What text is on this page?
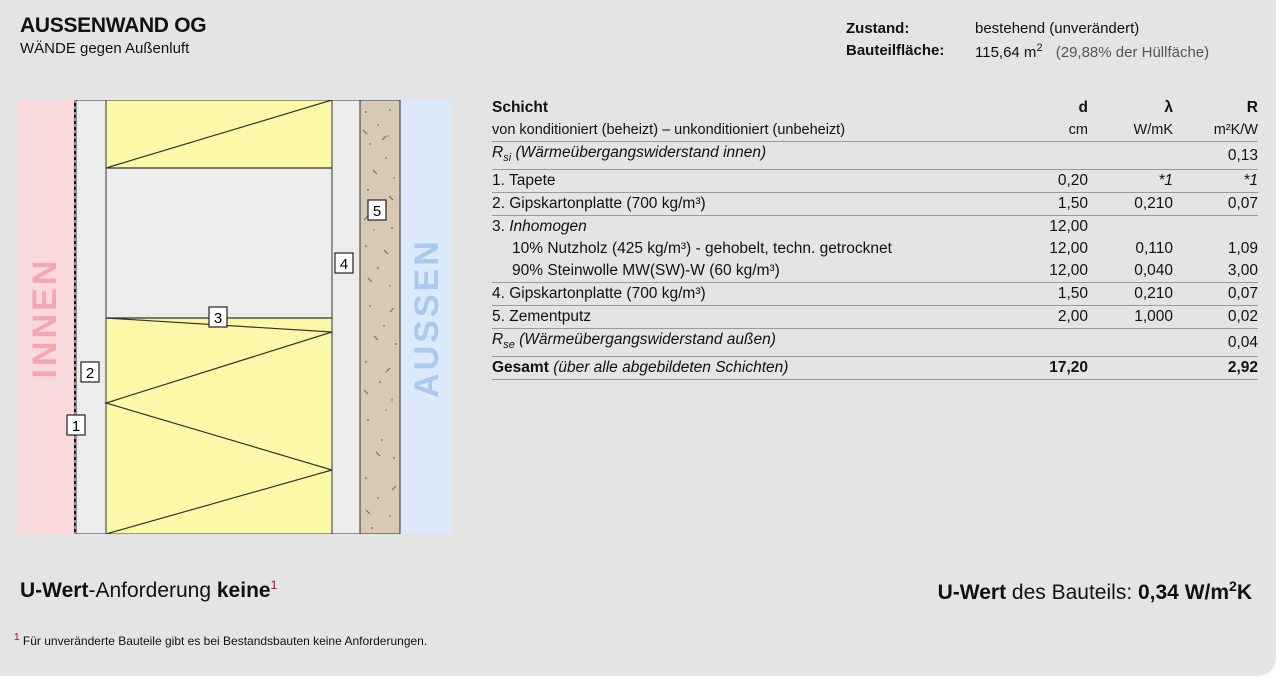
AUSSENWAND OG
WÄNDE gegen Außenluft
Zustand:	bestehend (unverändert)
Bauteilfläche: 115,64 $m^2$ (29,88% der Hüllfäche)
INNEN	AUSSEN
1
2
3
4
5
Schicht	d	λ	R
von konditioniert (beheizt) – unkonditioniert (unbeheizt)	cm	W/mK	m²K/W
$R_{si}$ (Wärmeübergangswiderstand innen)			0,13
1. Tapete	0,20	*1	*1
2. Gipskartonplatte (700 kg/m³)	1,50	0,210	0,07
3. Inhomogen	12,00		
10% Nutzholz (425 kg/m³) - gehobelt, techn. getrocknet	12,00	0,110	1,09
90% Steinwolle MW(SW)-W (60 kg/m³)	12,00	0,040	3,00
4. Gipskartonplatte (700 kg/m³)	1,50	0,210	0,07
5. Zementputz	2,00	1,000	0,02
$R_{se}$ (Wärmeübergangswiderstand außen)			0,04
Gesamt (über alle abgebildeten Schichten)	17,20		2,92
U-Wert-Anforderung keine$^1$	U-Wert des Bauteils: 0,34 $W/m^2K$
$^1$ Für unveränderte Bauteile gibt es bei Bestandsbauten keine Anforderungen.
